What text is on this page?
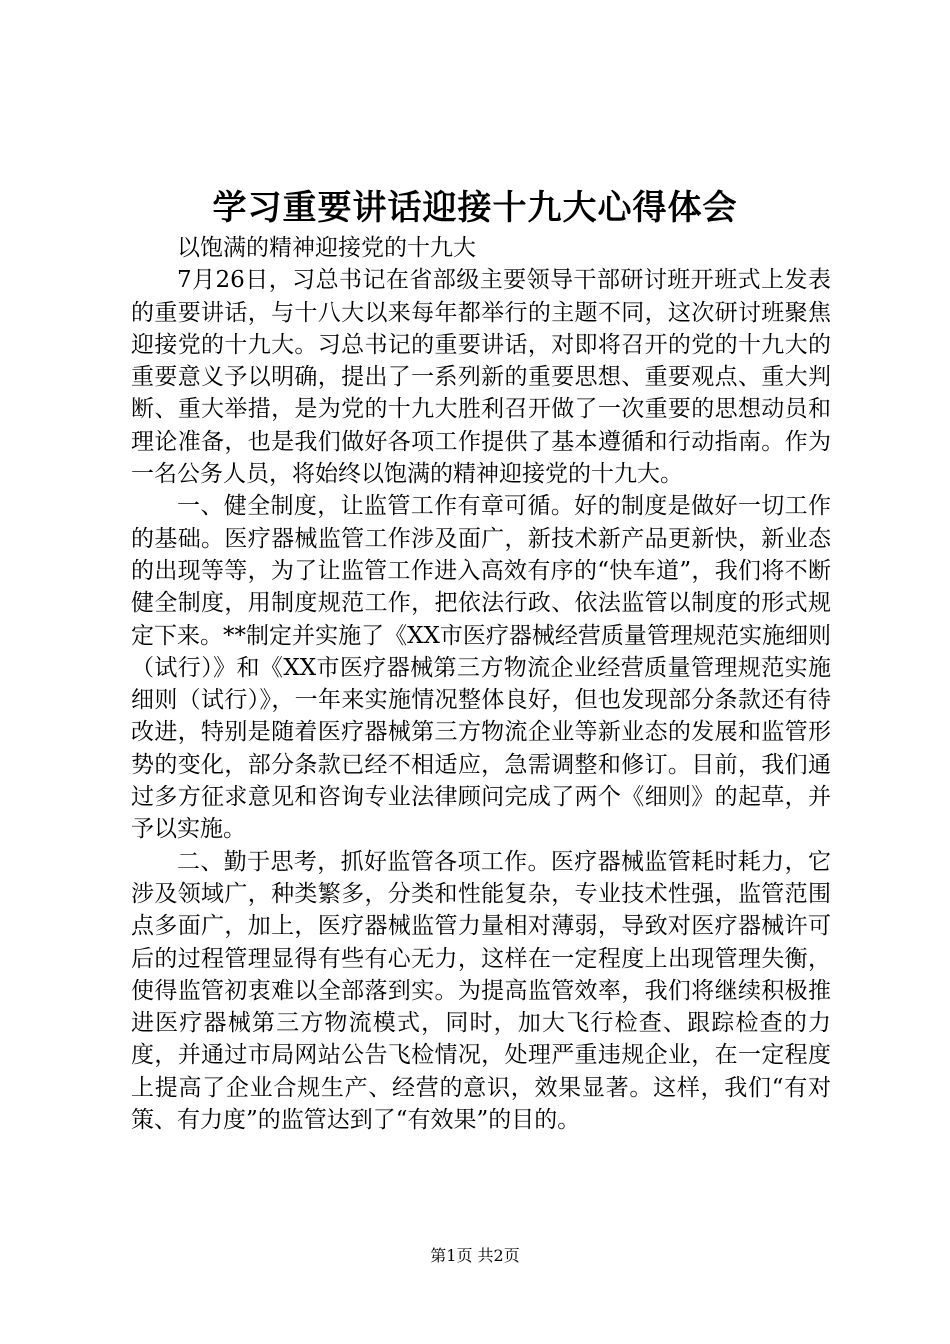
学习重要讲话迎接十九大心得体会

以饱满的精神迎接党的十九大

7月26日，习总书记在省部级主要领导干部研讨班开班式上发表的重要讲话，与十八大以来每年都举行的主题不同，这次研讨班聚焦迎接党的十九大。习总书记的重要讲话，对即将召开的党的十九大的重要意义予以明确，提出了一系列新的重要思想、重要观点、重大判断、重大举措，是为党的十九大胜利召开做了一次重要的思想动员和理论准备，也是我们做好各项工作提供了基本遵循和行动指南。作为一名公务人员，将始终以饱满的精神迎接党的十九大。

一、健全制度，让监管工作有章可循。好的制度是做好一切工作的基础。医疗器械监管工作涉及面广，新技术新产品更新快，新业态的出现等等，为了让监管工作进入高效有序的“快车道”，我们将不断健全制度，用制度规范工作，把依法行政、依法监管以制度的形式规定下来。**制定并实施了《XX市医疗器械经营质量管理规范实施细则（试行）》和《XX市医疗器械第三方物流企业经营质量管理规范实施细则（试行）》，一年来实施情况整体良好，但也发现部分条款还有待改进，特别是随着医疗器械第三方物流企业等新业态的发展和监管形势的变化，部分条款已经不相适应，急需调整和修订。目前，我们通过多方征求意见和咨询专业法律顾问完成了两个《细则》的起草，并予以实施。

二、勤于思考，抓好监管各项工作。医疗器械监管耗时耗力，它涉及领域广，种类繁多，分类和性能复杂，专业技术性强，监管范围点多面广，加上，医疗器械监管力量相对薄弱，导致对医疗器械许可后的过程管理显得有些有心无力，这样在一定程度上出现管理失衡，使得监管初衷难以全部落到实。为提高监管效率，我们将继续积极推进医疗器械第三方物流模式，同时，加大飞行检查、跟踪检查的力度，并通过市局网站公告飞检情况，处理严重违规企业，在一定程度上提高了企业合规生产、经营的意识，效果显著。这样，我们“有对策、有力度”的监管达到了“有效果”的目的。

第1页 共2页
